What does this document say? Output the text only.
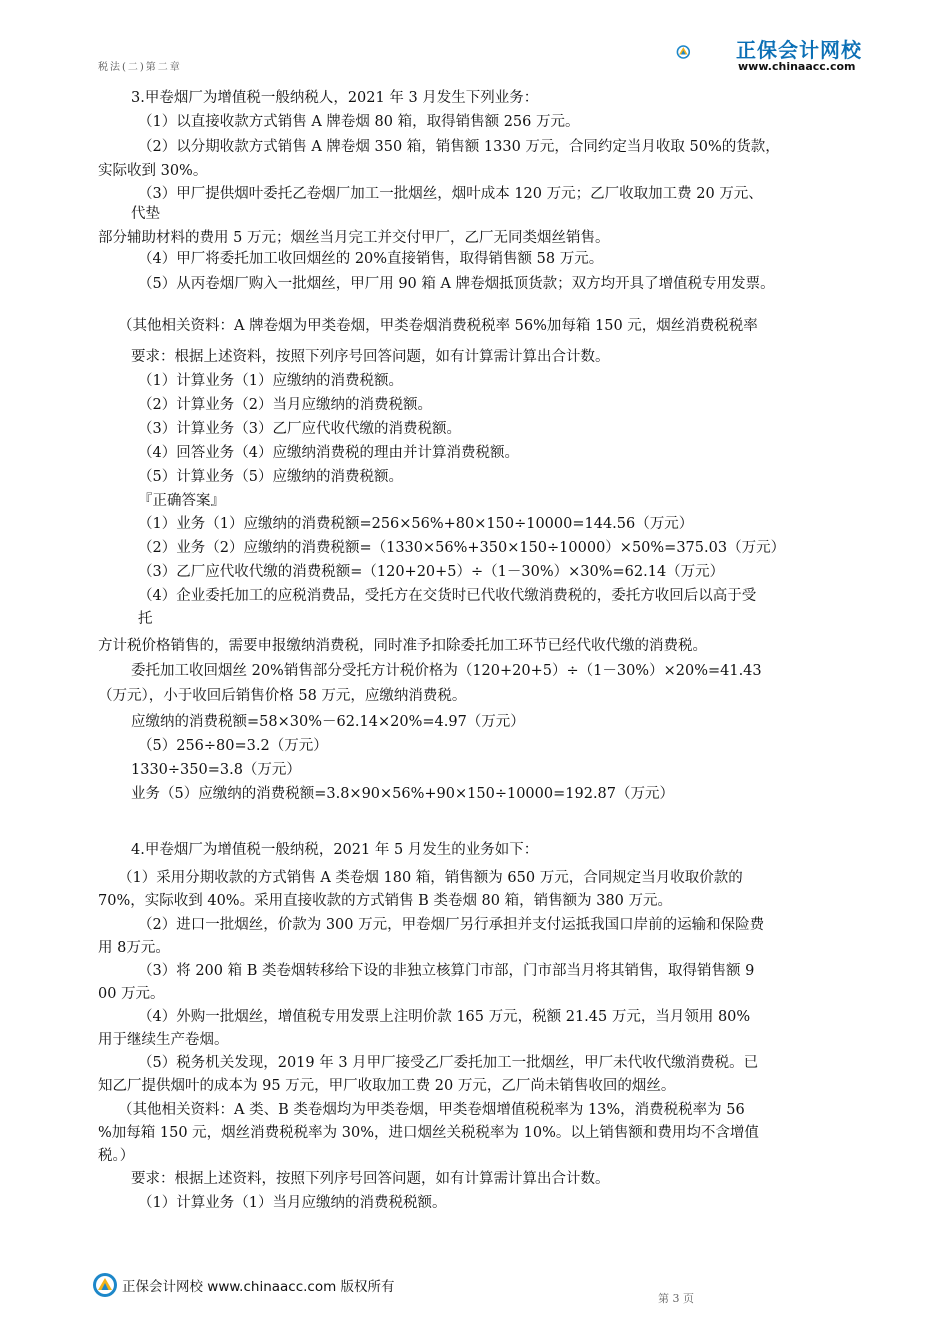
税法(二)第二章
正保会计网校
www.chinaacc.com
3.甲卷烟厂为增值税一般纳税人，2021 年 3 月发生下列业务：
（1）以直接收款方式销售 A 牌卷烟 80 箱，取得销售额 256 万元。
（2）以分期收款方式销售 A 牌卷烟 350 箱，销售额 1330 万元，合同约定当月收取 50%的货款，
实际收到 30%。
（3）甲厂提供烟叶委托乙卷烟厂加工一批烟丝，烟叶成本 120 万元；乙厂收取加工费 20 万元、
代垫
部分辅助材料的费用 5 万元；烟丝当月完工并交付甲厂，乙厂无同类烟丝销售。
（4）甲厂将委托加工收回烟丝的 20%直接销售，取得销售额 58 万元。
（5）从丙卷烟厂购入一批烟丝，甲厂用 90 箱 A 牌卷烟抵顶货款；双方均开具了增值税专用发票。
（其他相关资料：A 牌卷烟为甲类卷烟，甲类卷烟消费税税率 56%加每箱 150 元，烟丝消费税税率
要求：根据上述资料，按照下列序号回答问题，如有计算需计算出合计数。
（1）计算业务（1）应缴纳的消费税额。
（2）计算业务（2）当月应缴纳的消费税额。
（3）计算业务（3）乙厂应代收代缴的消费税额。
（4）回答业务（4）应缴纳消费税的理由并计算消费税额。
（5）计算业务（5）应缴纳的消费税额。
『正确答案』
（1）业务（1）应缴纳的消费税额=256×56%+80×150÷10000=144.56（万元）
（2）业务（2）应缴纳的消费税额=（1330×56%+350×150÷10000）×50%=375.03（万元）
（3）乙厂应代收代缴的消费税额=（120+20+5）÷（1－30%）×30%=62.14（万元）
（4）企业委托加工的应税消费品，受托方在交货时已代收代缴消费税的，委托方收回后以高于受
托
方计税价格销售的，需要申报缴纳消费税，同时准予扣除委托加工环节已经代收代缴的消费税。
委托加工收回烟丝 20%销售部分受托方计税价格为（120+20+5）÷（1－30%）×20%=41.43
（万元），小于收回后销售价格 58 万元，应缴纳消费税。
应缴纳的消费税额=58×30%－62.14×20%=4.97（万元）
（5）256÷80=3.2（万元）
1330÷350=3.8（万元）
业务（5）应缴纳的消费税额=3.8×90×56%+90×150÷10000=192.87（万元）
4.甲卷烟厂为增值税一般纳税，2021 年 5 月发生的业务如下：
（1）采用分期收款的方式销售 A 类卷烟 180 箱，销售额为 650 万元，合同规定当月收取价款的
70%，实际收到 40%。采用直接收款的方式销售 B 类卷烟 80 箱，销售额为 380 万元。
（2）进口一批烟丝，价款为 300 万元，甲卷烟厂另行承担并支付运抵我国口岸前的运输和保险费
用 8万元。
（3）将 200 箱 B 类卷烟转移给下设的非独立核算门市部，门市部当月将其销售，取得销售额 9
00 万元。
（4）外购一批烟丝，增值税专用发票上注明价款 165 万元，税额 21.45 万元，当月领用 80%
用于继续生产卷烟。
（5）税务机关发现，2019 年 3 月甲厂接受乙厂委托加工一批烟丝，甲厂未代收代缴消费税。已
知乙厂提供烟叶的成本为 95 万元，甲厂收取加工费 20 万元，乙厂尚未销售收回的烟丝。
（其他相关资料：A 类、B 类卷烟均为甲类卷烟，甲类卷烟增值税税率为 13%，消费税税率为 56
%加每箱 150 元，烟丝消费税税率为 30%，进口烟丝关税税率为 10%。以上销售额和费用均不含增值
税。）
要求：根据上述资料，按照下列序号回答问题，如有计算需计算出合计数。
（1）计算业务（1）当月应缴纳的消费税税额。
正保会计网校 www.chinaacc.com 版权所有
第 3 页
